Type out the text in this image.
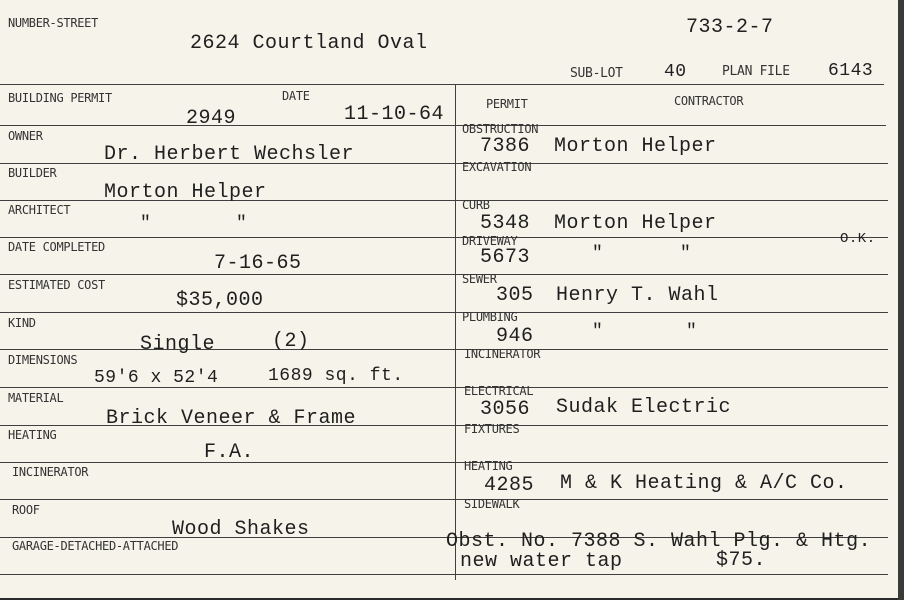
NUMBER-STREET
2624 Courtland Oval
733-2-7
SUB-LOT 40	PLAN FILE 6143
BUILDING PERMIT	DATE
2949	11-10-64
OWNER
Dr. Herbert Wechsler
BUILDER
Morton Helper
ARCHITECT
"	"
DATE COMPLETED
7-16-65
ESTIMATED COST
$35,000
KIND
Single	(2)
DIMENSIONS
59'6 x 52'4	1689 sq. ft.
MATERIAL
Brick Veneer & Frame
HEATING
F.A.
INCINERATOR
ROOF
Wood Shakes
GARAGE-DETACHED-ATTACHED
PERMIT	CONTRACTOR
OBSTRUCTION
7386 Morton Helper
EXCAVATION
CURB
5348 Morton Helper
DRIVEWAY
5673	"	"
O.K.
SEWER
305 Henry T. Wahl
PLUMBING
946	"	"
INCINERATOR
ELECTRICAL
3056 Sudak Electric
FIXTURES
HEATING
4285 M & K Heating & A/C Co.
SIDEWALK
Obst. No. 7388 S. Wahl Plg. & Htg.
new water tap	$75.
